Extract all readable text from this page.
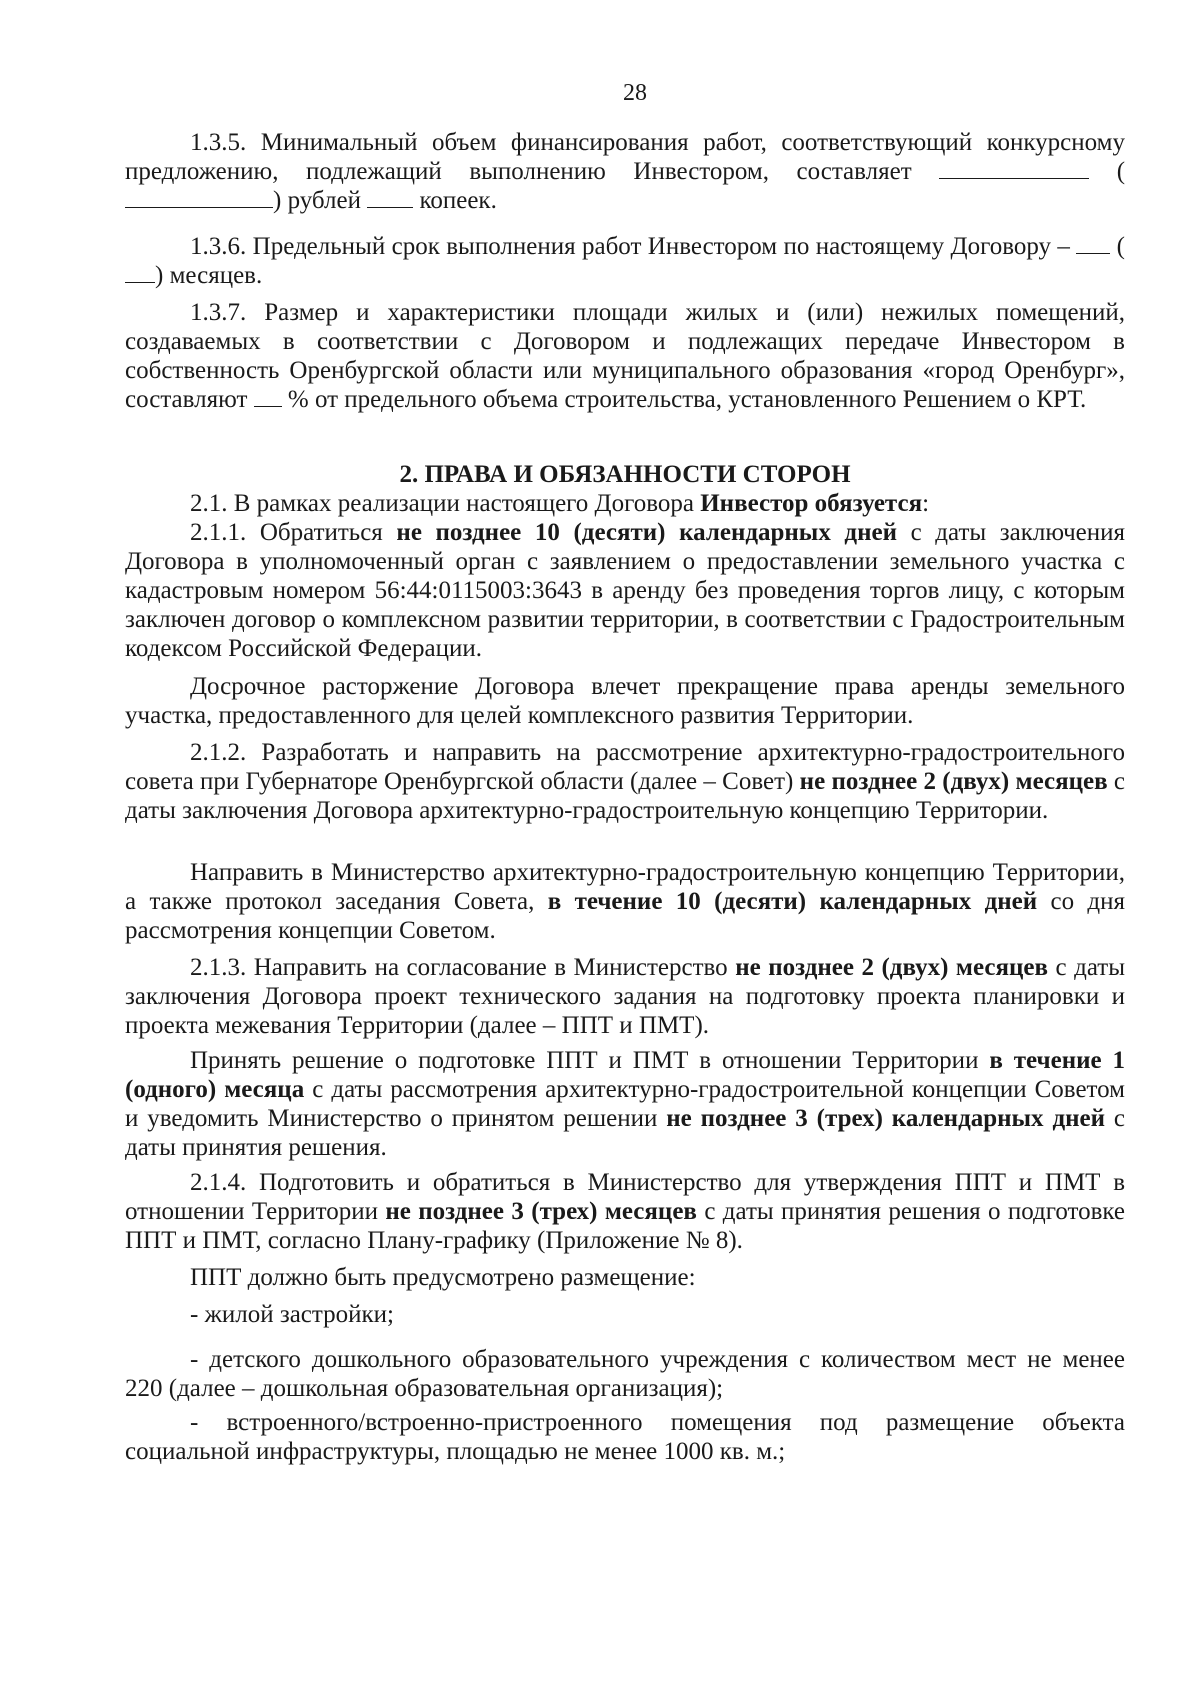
28
1.3.5. Минимальный объем финансирования работ, соответствующий конкурсному предложению, подлежащий выполнению Инвестором, составляет	() рублей копеек.
1.3.6. Предельный срок выполнения работ Инвестором по настоящему Договору – () месяцев.
1.3.7. Размер и характеристики площади жилых и (или) нежилых помещений, создаваемых в соответствии с Договором и подлежащих передаче Инвестором в собственность Оренбургской области или муниципального образования «город Оренбург», составляют % от предельного объема строительства, установленного Решением о КРТ.
2. ПРАВА И ОБЯЗАННОСТИ СТОРОН
2.1. В рамках реализации настоящего Договора Инвестор обязуется:
2.1.1. Обратиться не позднее 10 (десяти) календарных дней с даты заключения Договора в уполномоченный орган с заявлением о предоставлении земельного участка с кадастровым номером 56:44:0115003:3643 в аренду без проведения торгов лицу, с которым заключен договор о комплексном развитии территории, в соответствии с Градостроительным кодексом Российской Федерации.
Досрочное расторжение Договора влечет прекращение права аренды земельного участка, предоставленного для целей комплексного развития Территории.
2.1.2. Разработать и направить на рассмотрение архитектурно-градостроительного совета при Губернаторе Оренбургской области (далее – Совет) не позднее 2 (двух) месяцев с даты заключения Договора архитектурно-градостроительную концепцию Территории.
Направить в Министерство архитектурно-градостроительную концепцию Территории, а также протокол заседания Совета, в течение 10 (десяти) календарных дней со дня рассмотрения концепции Советом.
2.1.3. Направить на согласование в Министерство не позднее 2 (двух) месяцев с даты заключения Договора проект технического задания на подготовку проекта планировки и проекта межевания Территории (далее – ППТ и ПМТ).
Принять решение о подготовке ППТ и ПМТ в отношении Территории в течение 1 (одного) месяца с даты рассмотрения архитектурно-градостроительной концепции Советом и уведомить Министерство о принятом решении не позднее 3 (трех) календарных дней с даты принятия решения.
2.1.4. Подготовить и обратиться в Министерство для утверждения ППТ и ПМТ в отношении Территории не позднее 3 (трех) месяцев с даты принятия решения о подготовке ППТ и ПМТ, согласно Плану-графику (Приложение № 8).
ППТ должно быть предусмотрено размещение:
- жилой застройки;
- детского дошкольного образовательного учреждения с количеством мест не менее 220 (далее – дошкольная образовательная организация);
- встроенного/встроенно-пристроенного помещения под размещение объекта социальной инфраструктуры, площадью не менее 1000 кв. м.;
